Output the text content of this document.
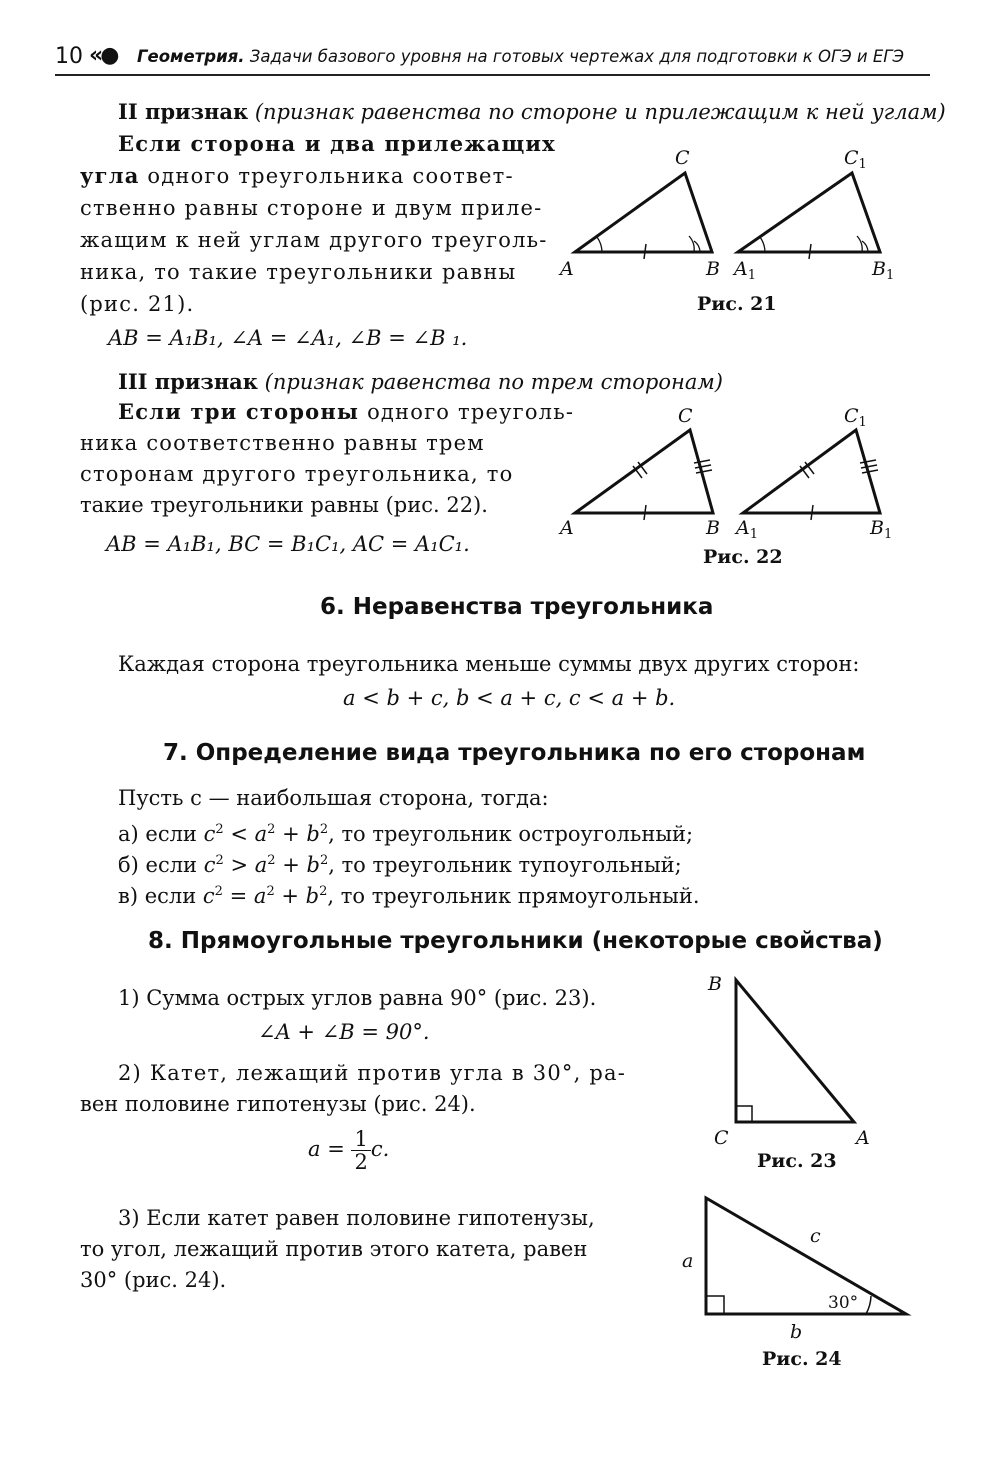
10 «● Геометрия. Задачи базового уровня на готовых чертежах для подготовки к ОГЭ и ЕГЭ
II признак (признак равенства по стороне и прилежащим к ней углам)
Если сторона и два прилежащих
угла одного треугольника соответ-
ственно равны стороне и двум приле-
жащим к ней углам другого треуголь-
ника, то такие треугольники равны
(рис. 21).
AB = A₁B₁, ∠A = ∠A₁, ∠B = ∠B ₁.
A	B
C
$A_1$	$B_1$
$C_1$
Рис. 21
III признак (признак равенства по трем сторонам)
Если три стороны одного треуголь-
ника соответственно равны трем
сторонам другого треугольника, то
такие треугольники равны (рис. 22).
AB = A₁B₁, BC = B₁C₁, AC = A₁C₁.
A	B
C
$A_1$	$B_1$
$C_1$
Рис. 22
6. Неравенства треугольника
Каждая сторона треугольника меньше суммы двух других сторон:
a < b + c, b < a + c, c < a + b.
7. Определение вида треугольника по его сторонам
Пусть c — наибольшая сторона, тогда:
а) если $c^2 < a^2 + b^2$, то треугольник остроугольный;
б) если $c^2 > a^2 + b^2$, то треугольник тупоугольный;
в) если $c^2 = a^2 + b^2$, то треугольник прямоугольный.
8. Прямоугольные треугольники (некоторые свойства)
1) Сумма острых углов равна 90° (рис. 23).
∠A + ∠B = 90°.
2) Катет, лежащий против угла в 30°, ра-
вен половине гипотенузы (рис. 24).
$a = \frac{1}{2} c$.
3) Если катет равен половине гипотенузы,
то угол, лежащий против этого катета, равен
30° (рис. 24).
B
C	A
Рис. 23
a
c
b
30°
Рис. 24
